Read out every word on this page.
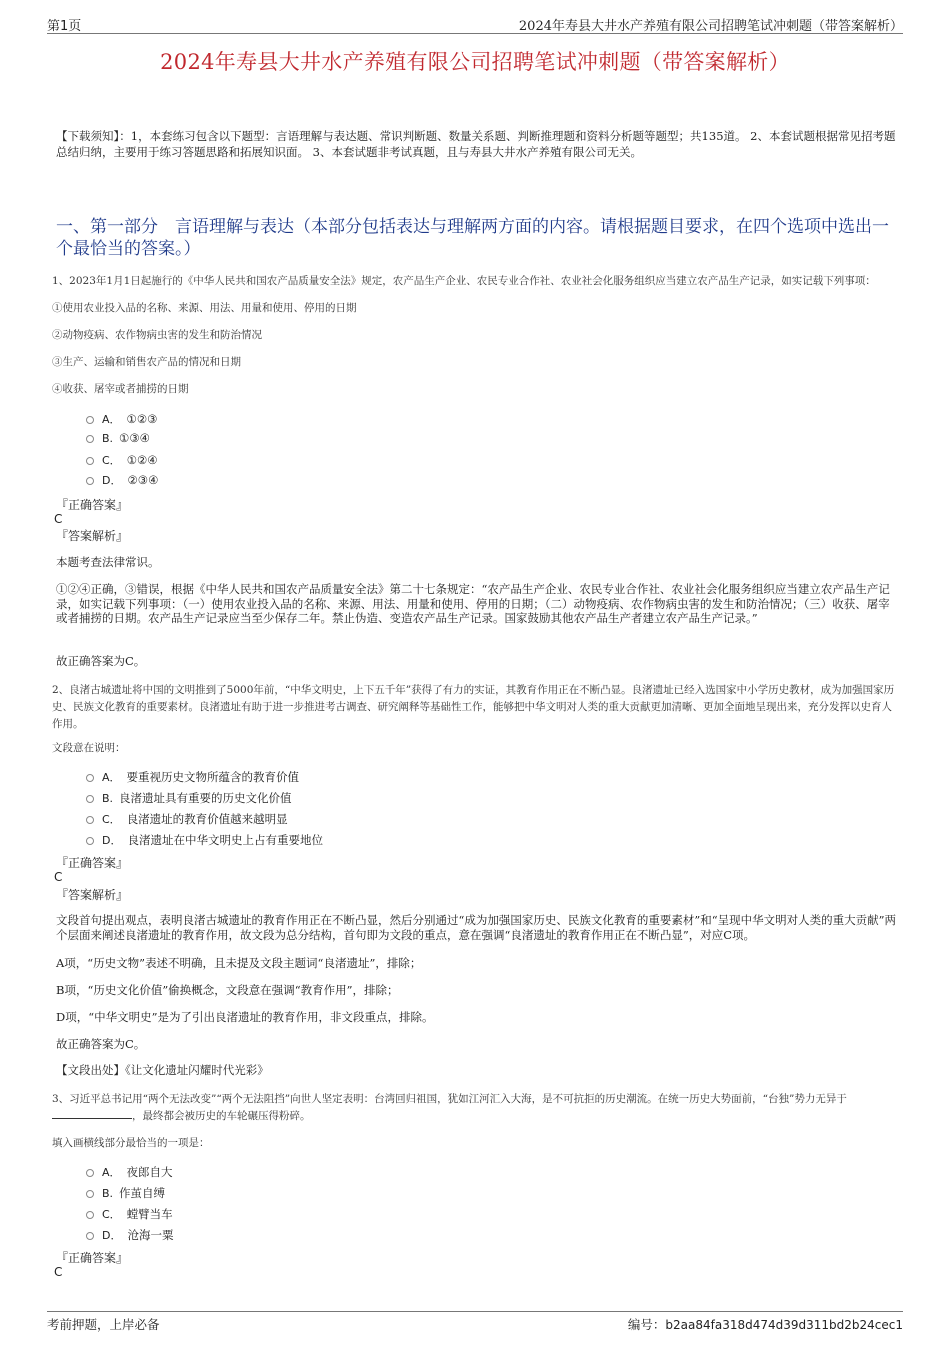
第1页	2024年寿县大井水产养殖有限公司招聘笔试冲刺题（带答案解析）
2024年寿县大井水产养殖有限公司招聘笔试冲刺题（带答案解析）
【下载须知】：1，本套练习包含以下题型：言语理解与表达题、常识判断题、数量关系题、判断推理题和资料分析题等题型；共135道。 2、本套试题根据常见招考题总结归纳，主要用于练习答题思路和拓展知识面。 3、本套试题非考试真题，且与寿县大井水产养殖有限公司无关。
一、第一部分　言语理解与表达（本部分包括表达与理解两方面的内容。请根据题目要求，在四个选项中选出一个最恰当的答案。）
1、2023年1月1日起施行的《中华人民共和国农产品质量安全法》规定，农产品生产企业、农民专业合作社、农业社会化服务组织应当建立农产品生产记录，如实记载下列事项：
①使用农业投入品的名称、来源、用法、用量和使用、停用的日期
②动物疫病、农作物病虫害的发生和防治情况
③生产、运输和销售农产品的情况和日期
④收获、屠宰或者捕捞的日期
A． ①②③
B. ①③④
C． ①②④
D． ②③④
『正确答案』
C
『答案解析』
本题考查法律常识。
①②④正确，③错误，根据《中华人民共和国农产品质量安全法》第二十七条规定：“农产品生产企业、农民专业合作社、农业社会化服务组织应当建立农产品生产记录，如实记载下列事项：（一）使用农业投入品的名称、来源、用法、用量和使用、停用的日期；（二）动物疫病、农作物病虫害的发生和防治情况；（三）收获、屠宰或者捕捞的日期。农产品生产记录应当至少保存二年。禁止伪造、变造农产品生产记录。国家鼓励其他农产品生产者建立农产品生产记录。”
故正确答案为C。
2、良渚古城遗址将中国的文明推到了5000年前，“中华文明史，上下五千年”获得了有力的实证，其教育作用正在不断凸显。良渚遗址已经入选国家中小学历史教材，成为加强国家历史、民族文化教育的重要素材。良渚遗址有助于进一步推进考古调查、研究阐释等基础性工作，能够把中华文明对人类的重大贡献更加清晰、更加全面地呈现出来，充分发挥以史育人作用。
文段意在说明：
A． 要重视历史文物所蕴含的教育价值
B. 良渚遗址具有重要的历史文化价值
C． 良渚遗址的教育价值越来越明显
D． 良渚遗址在中华文明史上占有重要地位
『正确答案』
C
『答案解析』
文段首句提出观点，表明良渚古城遗址的教育作用正在不断凸显，然后分别通过“成为加强国家历史、民族文化教育的重要素材”和“呈现中华文明对人类的重大贡献”两个层面来阐述良渚遗址的教育作用，故文段为总分结构，首句即为文段的重点，意在强调“良渚遗址的教育作用正在不断凸显”，对应C项。
A项，“历史文物”表述不明确，且未提及文段主题词“良渚遗址”，排除；
B项，“历史文化价值”偷换概念，文段意在强调“教育作用”，排除；
D项，“中华文明史”是为了引出良渚遗址的教育作用，非文段重点，排除。
故正确答案为C。
【文段出处】《让文化遗址闪耀时代光彩》
3、习近平总书记用“两个无法改变”“两个无法阻挡”向世人坚定表明：台湾回归祖国，犹如江河汇入大海，是不可抗拒的历史潮流。在统一历史大势面前，“台独”势力无异于，最终都会被历史的车轮碾压得粉碎。
填入画横线部分最恰当的一项是：
A． 夜郎自大
B. 作茧自缚
C． 螳臂当车
D． 沧海一粟
『正确答案』
C
考前押题，上岸必备	编号：b2aa84fa318d474d39d311bd2b24cec1
